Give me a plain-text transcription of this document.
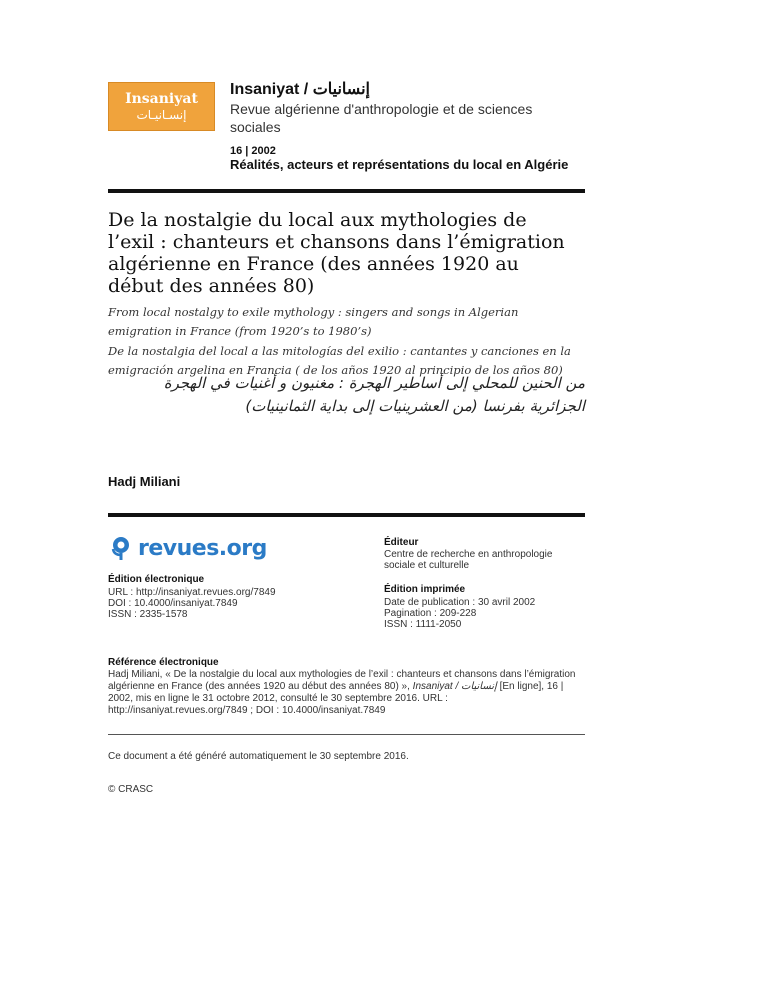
Insaniyat
إنسـانيـات
Insaniyat / إنسانيات
Revue algérienne d'anthropologie et de sciences sociales
16 | 2002
Réalités, acteurs et représentations du local en Algérie
De la nostalgie du local aux mythologies de l’exil : chanteurs et chansons dans l’émigration algérienne en France (des années 1920 au début des années 80)
From local nostalgy to exile mythology : singers and songs in Algerian
emigration in France (from 1920’s to 1980’s)
De la nostalgia del local a las mitologías del exilio : cantantes y canciones en la
emigración argelina en Francia ( de los años 1920 al principio de los años 80)
من الحنين للمحلي إلى أساطير الهجرة : مغنيون و أغنيات في الهجرة الجزائرية بفرنسا (من العشرينيات إلى بداية الثمانينيات)
Hadj Miliani
revues.org	Éditeur
Centre de recherche en anthropologie sociale et culturelle
Édition électronique
URL : http://insaniyat.revues.org/7849
DOI : 10.4000/insaniyat.7849
ISSN : 2335-1578
Édition imprimée
Date de publication : 30 avril 2002
Pagination : 209-228
ISSN : 1111-2050
Référence électronique
Hadj Miliani, « De la nostalgie du local aux mythologies de l’exil : chanteurs et chansons dans l’émigration algérienne en France (des années 1920 au début des années 80) », Insaniyat / إنسانيات [En ligne], 16 | 2002, mis en ligne le 31 octobre 2012, consulté le 30 septembre 2016. URL : http://insaniyat.revues.org/7849 ; DOI : 10.4000/insaniyat.7849
Ce document a été généré automatiquement le 30 septembre 2016.
© CRASC
